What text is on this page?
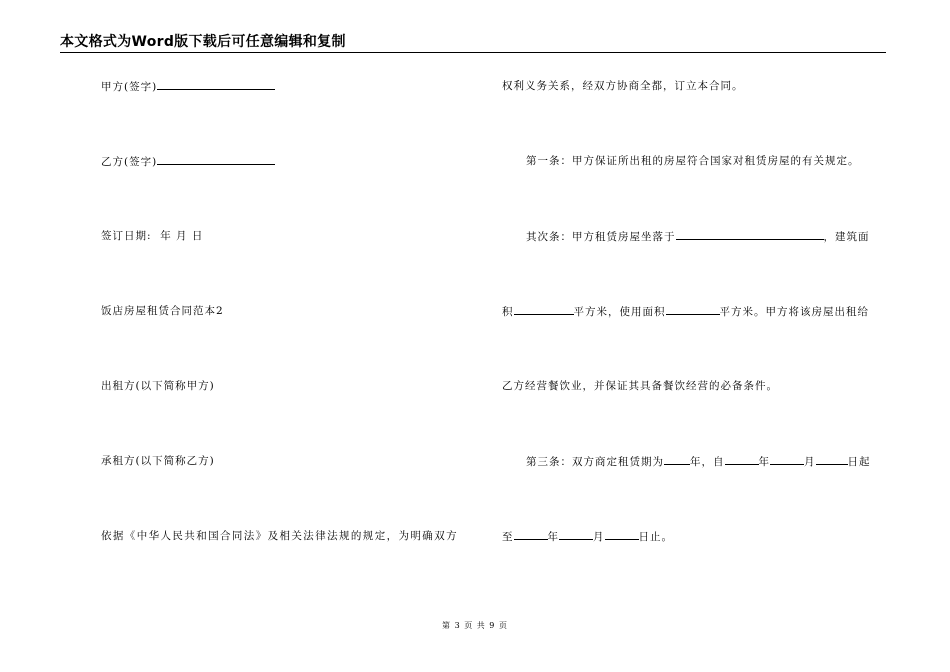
本文格式为Word版下载后可任意编辑和复制
甲方(签字)
乙方(签字)
签订日期:  年 月 日
饭店房屋租赁合同范本2
出租方(以下简称甲方)
承租方(以下简称乙方)
依据《中华人民共和国合同法》及相关法律法规的规定，为明确双方
权利义务关系，经双方协商全都，订立本合同。
第一条：甲方保证所出租的房屋符合国家对租赁房屋的有关规定。
其次条：甲方租赁房屋坐落于	，建筑面
积	平方米，使用面积	平方米。甲方将该房屋出租给
乙方经营餐饮业，并保证其具备餐饮经营的必备条件。
第三条：双方商定租赁期为 年，自	年	月	日起
至	年	月	日止。
第 3 页 共 9 页
